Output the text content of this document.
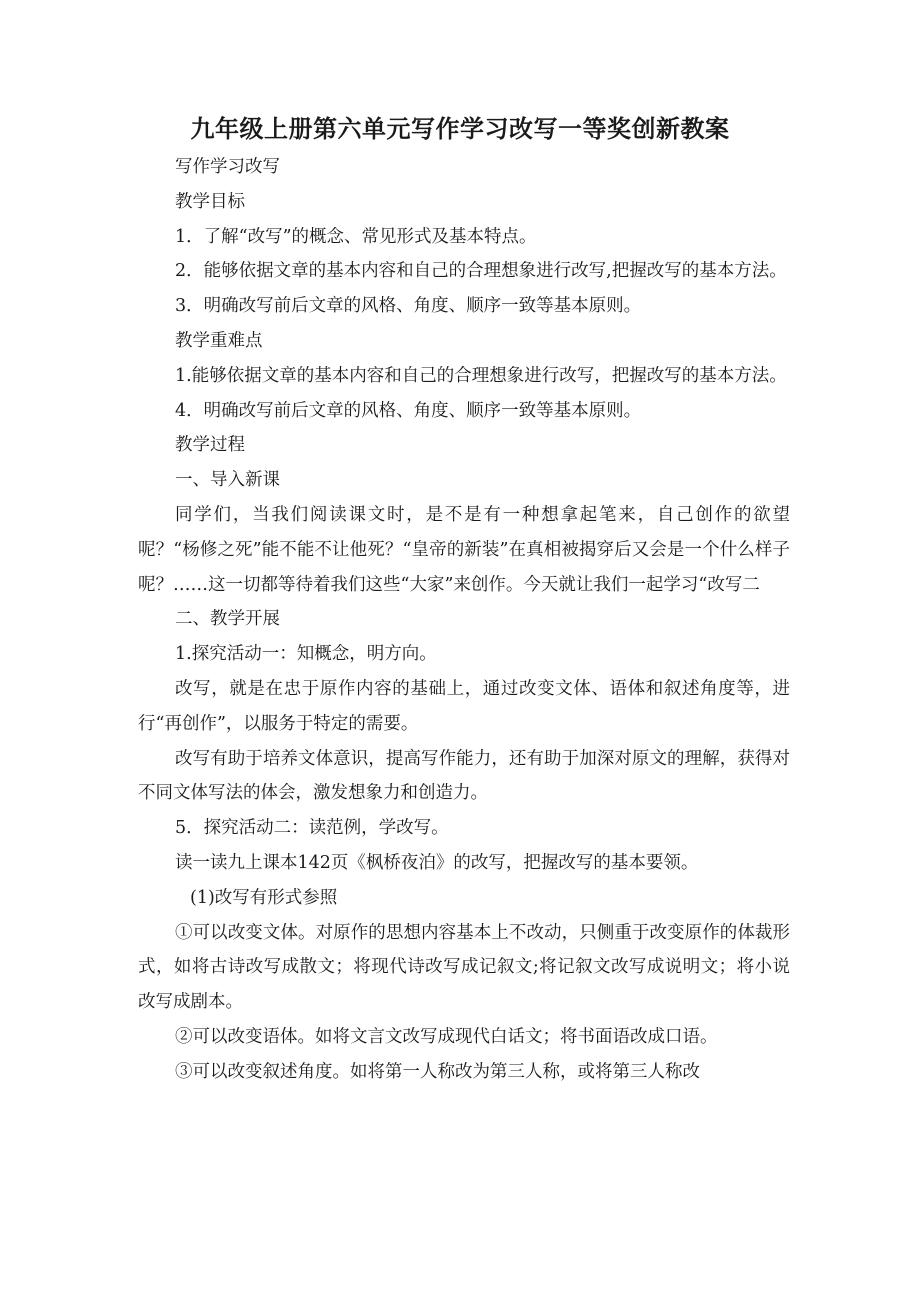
九年级上册第六单元写作学习改写一等奖创新教案

写作学习改写

教学目标

1．了解“改写”的概念、常见形式及基本特点。

2．能够依据文章的基本内容和自己的合理想象进行改写,把握改写的基本方法。

3．明确改写前后文章的风格、角度、顺序一致等基本原则。

教学重难点

1.能够依据文章的基本内容和自己的合理想象进行改写，把握改写的基本方法。

4．明确改写前后文章的风格、角度、顺序一致等基本原则。

教学过程

一、导入新课

同学们，当我们阅读课文时，是不是有一种想拿起笔来，自己创作的欲望呢？“杨修之死”能不能不让他死？“皇帝的新装”在真相被揭穿后又会是一个什么样子呢？……这一切都等待着我们这些“大家”来创作。今天就让我们一起学习“改写二

二、教学开展

1.探究活动一：知概念，明方向。

改写，就是在忠于原作内容的基础上，通过改变文体、语体和叙述角度等，进行“再创作”，以服务于特定的需要。

改写有助于培养文体意识，提高写作能力，还有助于加深对原文的理解，获得对不同文体写法的体会，激发想象力和创造力。

5．探究活动二：读范例，学改写。

读一读九上课本142页《枫桥夜泊》的改写，把握改写的基本要领。

(1)改写有形式参照

①可以改变文体。对原作的思想内容基本上不改动，只侧重于改变原作的体裁形式，如将古诗改写成散文；将现代诗改写成记叙文;将记叙文改写成说明文；将小说改写成剧本。

②可以改变语体。如将文言文改写成现代白话文；将书面语改成口语。

③可以改变叙述角度。如将第一人称改为第三人称，或将第三人称改
